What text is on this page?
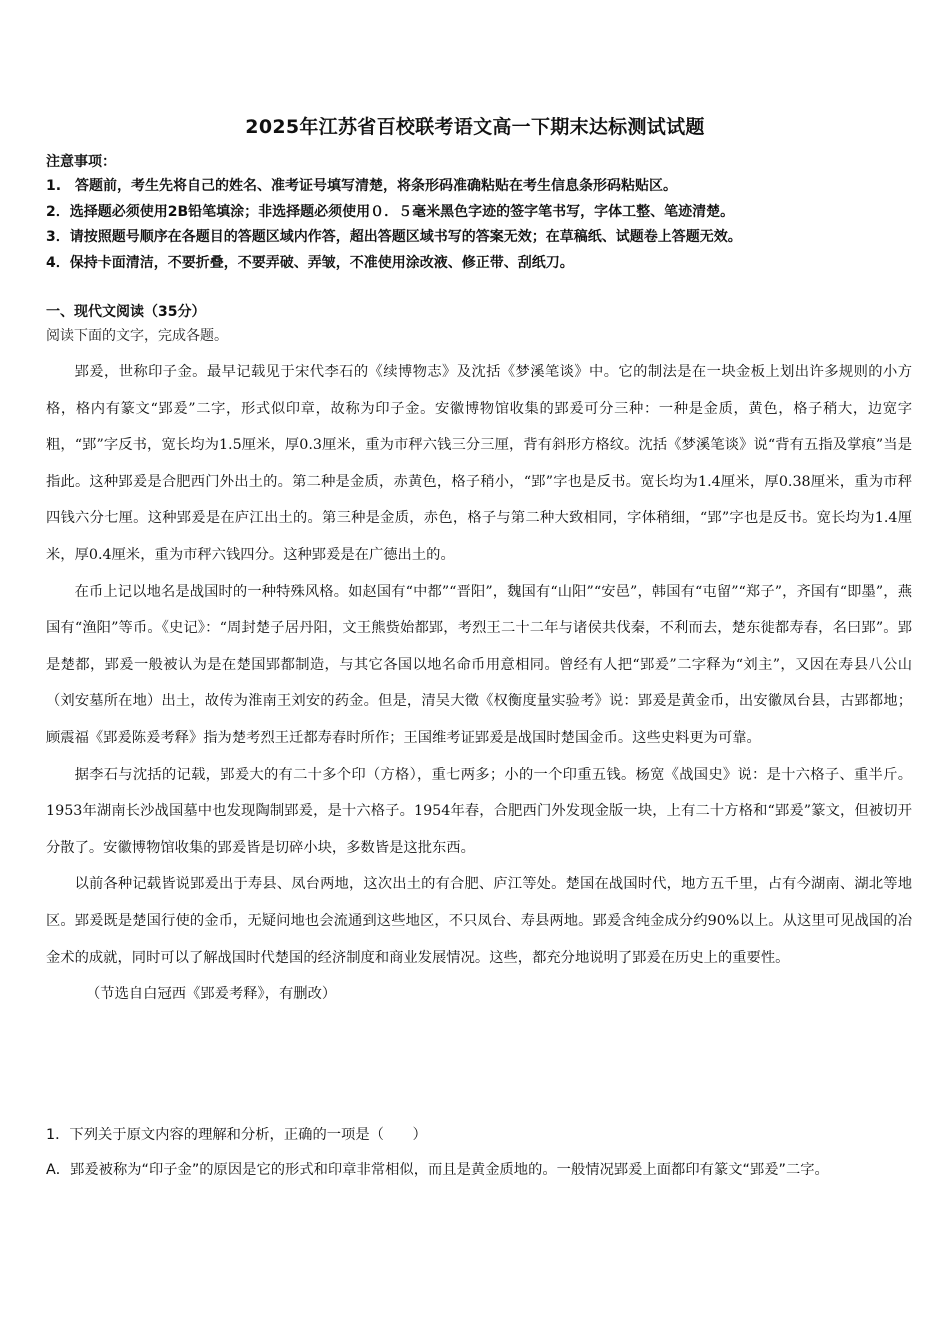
2025年江苏省百校联考语文高一下期末达标测试试题
注意事项：
1.　答题前，考生先将自己的姓名、准考证号填写清楚，将条形码准确粘贴在考生信息条形码粘贴区。
2．选择题必须使用2B铅笔填涂；非选择题必须使用０．５毫米黑色字迹的签字笔书写，字体工整、笔迹清楚。
3．请按照题号顺序在各题目的答题区域内作答，超出答题区域书写的答案无效；在草稿纸、试题卷上答题无效。
4．保持卡面清洁，不要折叠，不要弄破、弄皱，不准使用涂改液、修正带、刮纸刀。
一、现代文阅读（35分）
阅读下面的文字，完成各题。

郢爰，世称印子金。最早记载见于宋代李石的《续博物志》及沈括《梦溪笔谈》中。它的制法是在一块金板上划出许多规则的小方格，格内有篆文“郢爰”二字，形式似印章，故称为印子金。安徽博物馆收集的郢爰可分三种：一种是金质，黄色，格子稍大，边宽字粗，“郢”字反书，宽长均为1.5厘米，厚0.3厘米，重为市秤六钱三分三厘，背有斜形方格纹。沈括《梦溪笔谈》说“背有五指及掌痕”当是指此。这种郢爰是合肥西门外出土的。第二种是金质，赤黄色，格子稍小，“郢”字也是反书。宽长均为1.4厘米，厚0.38厘米，重为市秤四钱六分七厘。这种郢爰是在庐江出土的。第三种是金质，赤色，格子与第二种大致相同，字体稍细，“郢”字也是反书。宽长均为1.4厘米，厚0.4厘米，重为市秤六钱四分。这种郢爰是在广德出土的。

在币上记以地名是战国时的一种特殊风格。如赵国有“中都”“晋阳”，魏国有“山阳”“安邑”，韩国有“屯留”“郑子”，齐国有“即墨”，燕国有“渔阳”等币。《史记》：“周封楚子居丹阳，文王熊赀始都郢，考烈王二十二年与诸侯共伐秦，不利而去，楚东徙都寿春，名曰郢”。郢是楚都，郢爰一般被认为是在楚国郢都制造，与其它各国以地名命币用意相同。曾经有人把“郢爰”二字释为“刘主”，又因在寿县八公山（刘安墓所在地）出土，故传为淮南王刘安的药金。但是，清吴大徵《权衡度量实验考》说：郢爰是黄金币，出安徽凤台县，古郢都地；顾震福《郢爰陈爰考释》指为楚考烈王迁都寿春时所作；王国维考证郢爰是战国时楚国金币。这些史料更为可靠。

据李石与沈括的记载，郢爰大的有二十多个印（方格），重七两多；小的一个印重五钱。杨宽《战国史》说：是十六格子、重半斤。1953年湖南长沙战国墓中也发现陶制郢爰，是十六格子。1954年春，合肥西门外发现金版一块，上有二十方格和“郢爰”篆文，但被切开分散了。安徽博物馆收集的郢爰皆是切碎小块，多数皆是这批东西。

以前各种记载皆说郢爰出于寿县、凤台两地，这次出土的有合肥、庐江等处。楚国在战国时代，地方五千里，占有今湖南、湖北等地区。郢爰既是楚国行使的金币，无疑问地也会流通到这些地区，不只凤台、寿县两地。郢爰含纯金成分约90%以上。从这里可见战国的冶金术的成就，同时可以了解战国时代楚国的经济制度和商业发展情况。这些，都充分地说明了郢爰在历史上的重要性。

（节选自白冠西《郢爰考释》，有删改）

1．下列关于原文内容的理解和分析，正确的一项是（　　）
A．郢爰被称为“印子金”的原因是它的形式和印章非常相似，而且是黄金质地的。一般情况郢爰上面都印有篆文“郢爰”二字。
